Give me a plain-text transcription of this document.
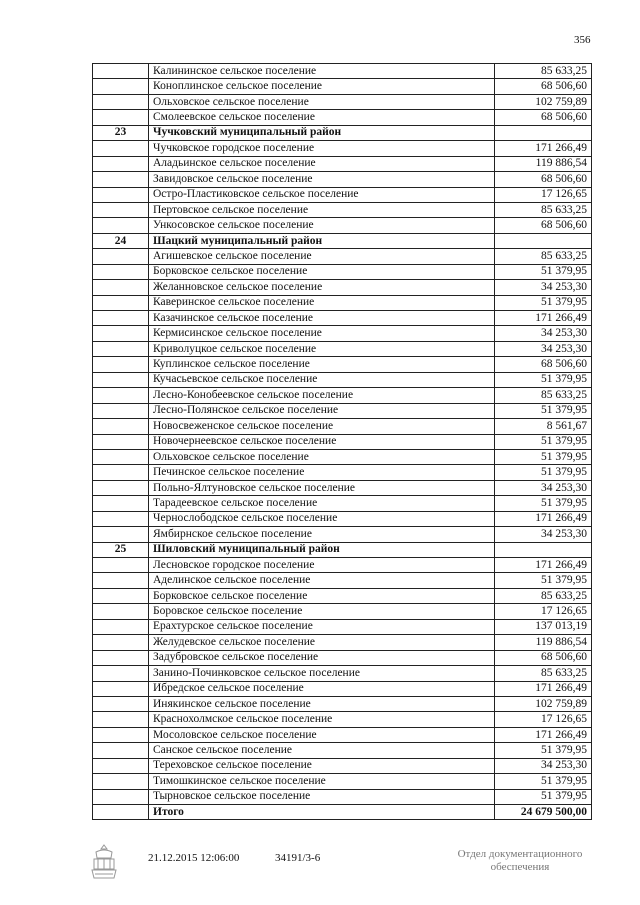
356
	Калининское сельское поселение	85 633,25
	Коноплинское сельское поселение	68 506,60
	Ольховское сельское поселение	102 759,89
	Смолеевское сельское поселение	68 506,60
23	Чучковский муниципальный район	
	Чучковское городское поселение	171 266,49
	Аладьинское сельское поселение	119 886,54
	Завидовское сельское поселение	68 506,60
	Остро-Пластиковское сельское поселение	17 126,65
	Пертовское сельское поселение	85 633,25
	Ункосовское сельское поселение	68 506,60
24	Шацкий муниципальный район	
	Агишевское сельское поселение	85 633,25
	Борковское сельское поселение	51 379,95
	Желанновское сельское поселение	34 253,30
	Каверинское сельское поселение	51 379,95
	Казачинское сельское поселение	171 266,49
	Кермисинское сельское поселение	34 253,30
	Криволуцкое сельское поселение	34 253,30
	Куплинское сельское поселение	68 506,60
	Кучасьевское сельское поселение	51 379,95
	Лесно-Конобеевское сельское поселение	85 633,25
	Лесно-Полянское сельское поселение	51 379,95
	Новосвеженское сельское поселение	8 561,67
	Новочернеевское сельское поселение	51 379,95
	Ольховское сельское поселение	51 379,95
	Печинское сельское поселение	51 379,95
	Польно-Ялтуновское сельское поселение	34 253,30
	Тарадеевское сельское поселение	51 379,95
	Чернослободское сельское поселение	171 266,49
	Ямбирнское сельское поселение	34 253,30
25	Шиловский муниципальный район	
	Лесновское городское поселение	171 266,49
	Аделинское сельское поселение	51 379,95
	Борковское сельское поселение	85 633,25
	Боровское сельское поселение	17 126,65
	Ерахтурское сельское поселение	137 013,19
	Желудевское сельское поселение	119 886,54
	Задубровское сельское поселение	68 506,60
	Занино-Починковское сельское поселение	85 633,25
	Ибредское сельское поселение	171 266,49
	Инякинское сельское поселение	102 759,89
	Краснохолмское сельское поселение	17 126,65
	Мосоловское сельское поселение	171 266,49
	Санское сельское поселение	51 379,95
	Тереховское сельское поселение	34 253,30
	Тимошкинское сельское поселение	51 379,95
	Тырновское сельское поселение	51 379,95
	Итого	24 679 500,00
21.12.2015 12:06:00	34191/3-6	Отдел документационного
обеспечения
